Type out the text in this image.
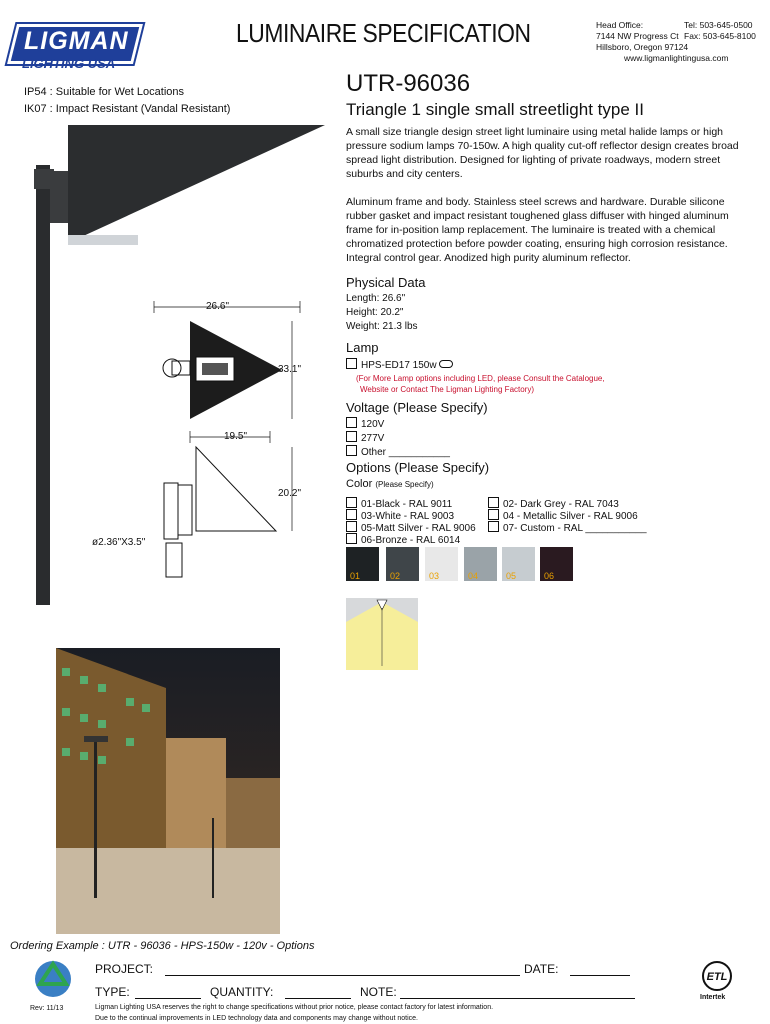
LIGMAN
LIGHTING USA
LUMINAIRE SPECIFICATION	Head Office:
7144 NW Progress Ct
Hillsboro, Oregon 97124
www.ligmanlightingusa.com
Tel: 503-645-0500
Fax: 503-645-8100
IP54 : Suitable for Wet Locations
IK07 : Impact Resistant (Vandal Resistant)
26.6"
33.1"
19.5"
20.2"
ø2.36"X3.5"
UTR-96036
Triangle 1 single small streetlight type II
A small size triangle design street light luminaire using metal halide lamps or high pressure sodium lamps 70-150w. A high quality cut-off reflector design creates broad spread light distribution. Designed for lighting of private roadways, modern street suburbs and city centers.
Aluminum frame and body. Stainless steel screws and hardware. Durable silicone rubber gasket and impact resistant toughened glass diffuser with hinged aluminum frame for in-position lamp replacement. The luminaire is treated with a chemical chromatized protection before powder coating, ensuring high corrosion resistance. Integral control gear. Anodized high purity aluminum reflector.
Physical Data
Length: 26.6"
Height: 20.2"
Weight: 21.3 lbs
Lamp
HPS-ED17 150w
(For More Lamp options including LED, please Consult the Catalogue,
Website or Contact The Ligman Lighting Factory)
Voltage (Please Specify)
120V
277V
Other ___________
Options (Please Specify)
Color (Please Specify)
01-Black - RAL 9011
03-White - RAL 9003
05-Matt Silver - RAL 9006
06-Bronze - RAL 6014
02- Dark Grey - RAL 7043
04 - Metallic Silver - RAL 9006
07- Custom - RAL ___________
01	02	03	04	05	06
Ordering Example : UTR - 96036 - HPS-150w - 120v - Options
PROJECT:	DATE:
TYPE:	QUANTITY:	NOTE:
Rev: 11/13	Ligman Lighting USA reserves the right to change specifications without prior notice, please contact factory for latest information.
Due to the continual improvements in LED technology data and components may change without notice.
ETL
Intertek
